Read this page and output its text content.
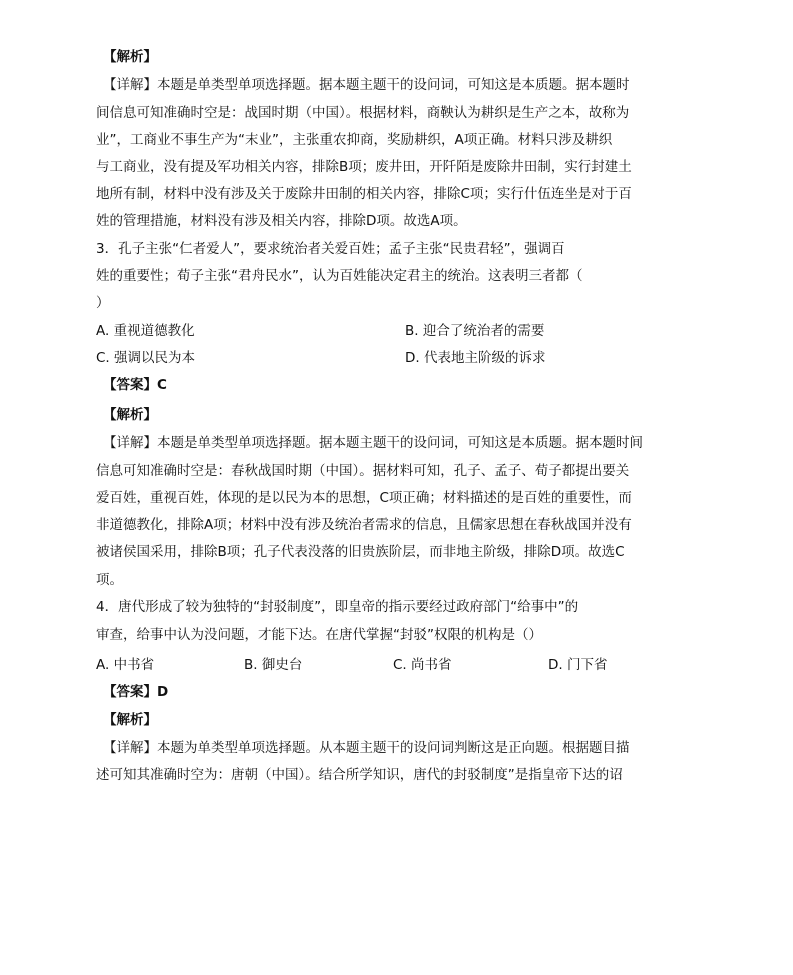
【解析】
【详解】本题是单类型单项选择题。据本题主题干的设问词，可知这是本质题。据本题时
间信息可知准确时空是：战国时期（中国）。根据材料，商鞅认为耕织是生产之本，故称为
业”，工商业不事生产为“末业”，主张重农抑商，奖励耕织，A项正确。材料只涉及耕织
与工商业，没有提及军功相关内容，排除B项；废井田，开阡陌是废除井田制，实行封建土
地所有制，材料中没有涉及关于废除井田制的相关内容，排除C项；实行什伍连坐是对于百
姓的管理措施，材料没有涉及相关内容，排除D项。故选A项。
3．孔子主张“仁者爱人”，要求统治者关爱百姓；孟子主张“民贵君轻”，强调百
姓的重要性；荀子主张“君舟民水”，认为百姓能决定君主的统治。这表明三者都（
）
A. 重视道德教化	B. 迎合了统治者的需要
C. 强调以民为本	D. 代表地主阶级的诉求
【答案】C
【解析】
【详解】本题是单类型单项选择题。据本题主题干的设问词，可知这是本质题。据本题时间
信息可知准确时空是：春秋战国时期（中国）。据材料可知，孔子、孟子、荀子都提出要关
爱百姓，重视百姓，体现的是以民为本的思想，C项正确；材料描述的是百姓的重要性，而
非道德教化，排除A项；材料中没有涉及统治者需求的信息，且儒家思想在春秋战国并没有
被诸侯国采用，排除B项；孔子代表没落的旧贵族阶层，而非地主阶级，排除D项。故选C
项。
4．唐代形成了较为独特的“封驳制度”，即皇帝的指示要经过政府部门“给事中”的
审查，给事中认为没问题，才能下达。在唐代掌握“封驳”权限的机构是（）
A. 中书省	B. 御史台	C. 尚书省	D. 门下省
【答案】D
【解析】
【详解】本题为单类型单项选择题。从本题主题干的设问词判断这是正向题。根据题目描
述可知其准确时空为：唐朝（中国）。结合所学知识，唐代的封驳制度”是指皇帝下达的诏
